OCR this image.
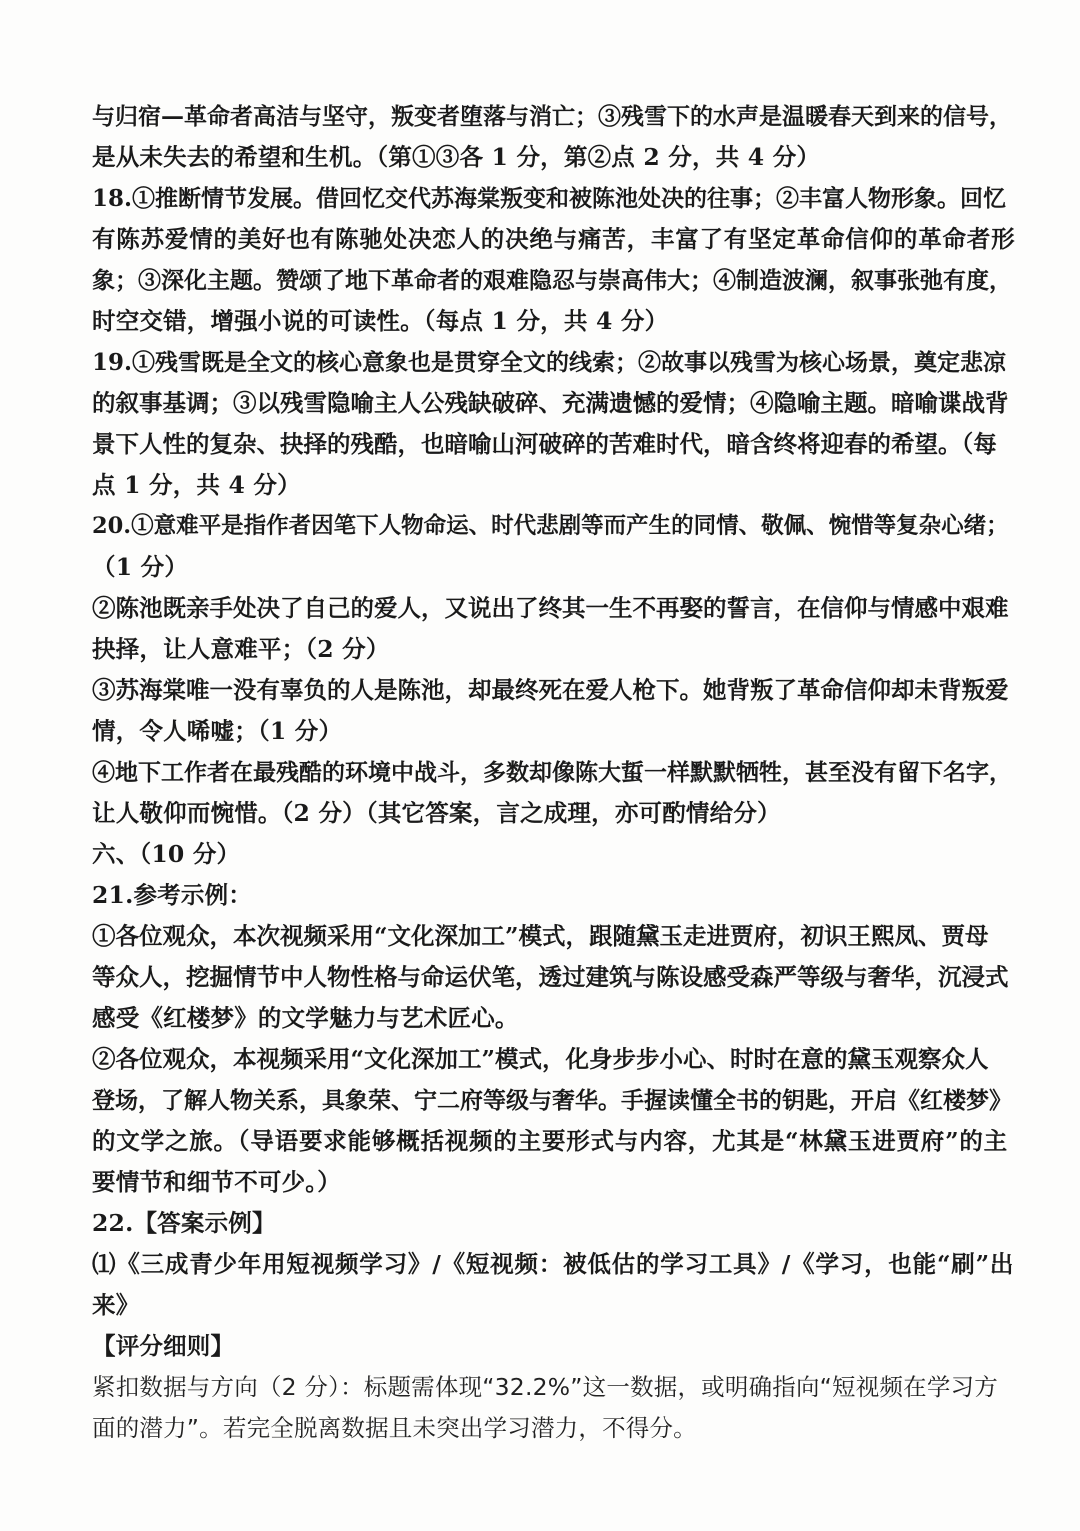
与归宿—革命者高洁与坚守，叛变者堕落与消亡；③残雪下的水声是温暖春天到来的信号，
是从未失去的希望和生机。（第①③各 1 分，第②点 2 分，共 4 分）
18.①推断情节发展。借回忆交代苏海棠叛变和被陈池处决的往事；②丰富人物形象。回忆
有陈苏爱情的美好也有陈驰处决恋人的决绝与痛苦，丰富了有坚定革命信仰的革命者形
象；③深化主题。赞颂了地下革命者的艰难隐忍与崇高伟大；④制造波澜，叙事张弛有度，
时空交错，增强小说的可读性。（每点 1 分，共 4 分）
19.①残雪既是全文的核心意象也是贯穿全文的线索；②故事以残雪为核心场景，奠定悲凉
的叙事基调；③以残雪隐喻主人公残缺破碎、充满遗憾的爱情；④隐喻主题。暗喻谍战背
景下人性的复杂、抉择的残酷，也暗喻山河破碎的苦难时代，暗含终将迎春的希望。（每
点 1 分，共 4 分）
20.①意难平是指作者因笔下人物命运、时代悲剧等而产生的同情、敬佩、惋惜等复杂心绪；
（1 分）
②陈池既亲手处决了自己的爱人，又说出了终其一生不再娶的誓言，在信仰与情感中艰难
抉择，让人意难平；（2 分）
③苏海棠唯一没有辜负的人是陈池，却最终死在爱人枪下。她背叛了革命信仰却未背叛爱
情，令人唏嘘；（1 分）
④地下工作者在最残酷的环境中战斗，多数却像陈大蜇一样默默牺牲，甚至没有留下名字，
让人敬仰而惋惜。（2 分）（其它答案，言之成理，亦可酌情给分）
六、（10 分）
21.参考示例：
①各位观众，本次视频采用“文化深加工”模式，跟随黛玉走进贾府，初识王熙凤、贾母
等众人，挖掘情节中人物性格与命运伏笔，透过建筑与陈设感受森严等级与奢华，沉浸式
感受《红楼梦》的文学魅力与艺术匠心。
②各位观众，本视频采用“文化深加工”模式，化身步步小心、时时在意的黛玉观察众人
登场，了解人物关系，具象荣、宁二府等级与奢华。手握读懂全书的钥匙，开启《红楼梦》
的文学之旅。（导语要求能够概括视频的主要形式与内容，尤其是“林黛玉进贾府”的主
要情节和细节不可少。）
22.【答案示例】
⑴《三成青少年用短视频学习》/《短视频：被低估的学习工具》/《学习，也能“刷”出
来》
【评分细则】
紧扣数据与方向（2 分）：标题需体现“32.2%”这一数据，或明确指向“短视频在学习方
面的潜力”。若完全脱离数据且未突出学习潜力，不得分。
